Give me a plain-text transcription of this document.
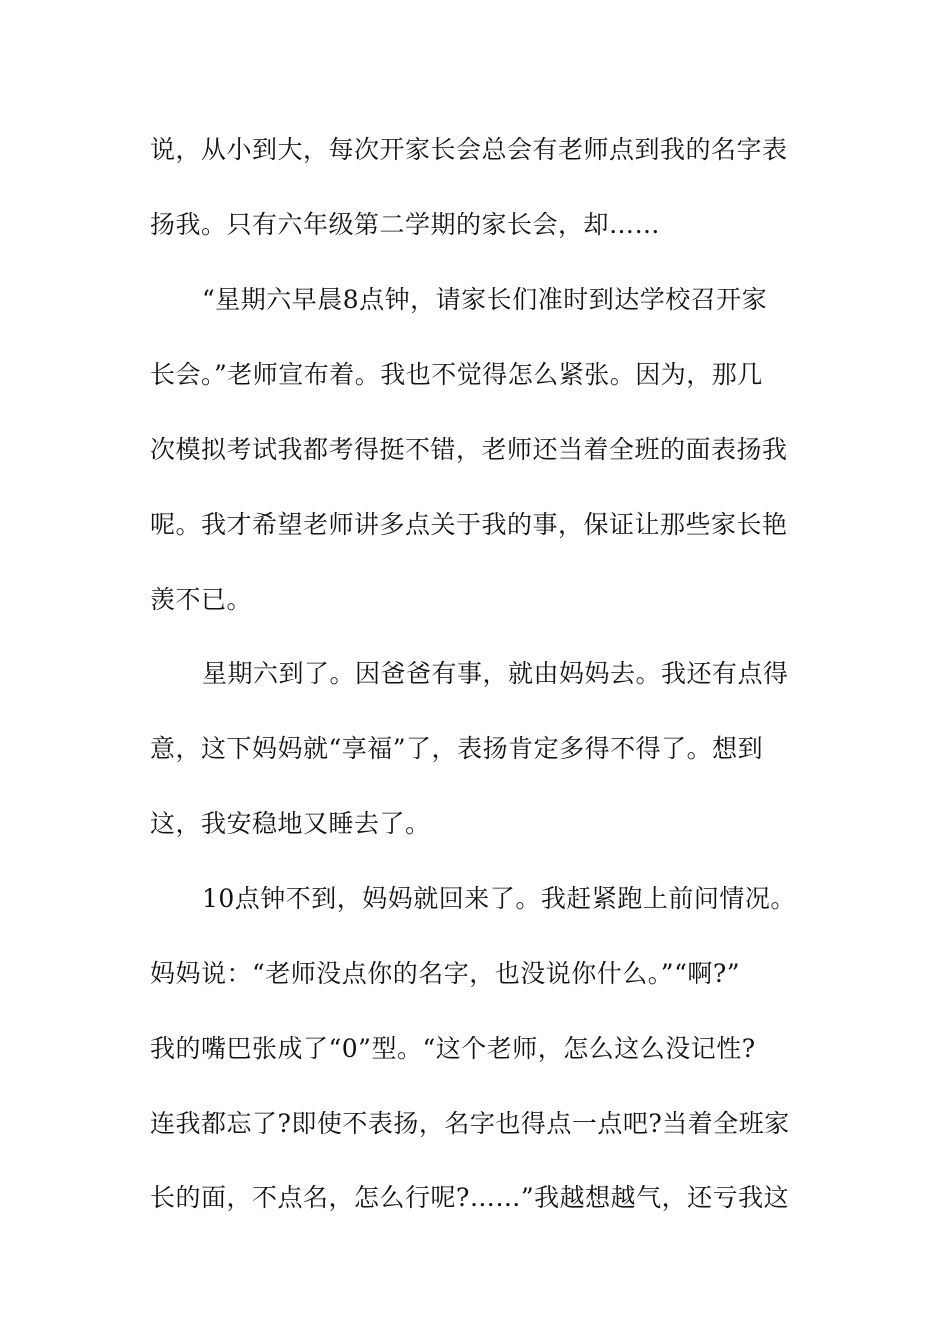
说，从小到大，每次开家长会总会有老师点到我的名字表
扬我。只有六年级第二学期的家长会，却……
“星期六早晨8点钟，请家长们准时到达学校召开家
长会。”老师宣布着。我也不觉得怎么紧张。因为，那几
次模拟考试我都考得挺不错，老师还当着全班的面表扬我
呢。我才希望老师讲多点关于我的事，保证让那些家长艳
羡不已。
星期六到了。因爸爸有事，就由妈妈去。我还有点得
意，这下妈妈就“享福”了，表扬肯定多得不得了。想到
这，我安稳地又睡去了。
10点钟不到，妈妈就回来了。我赶紧跑上前问情况。
妈妈说：“老师没点你的名字，也没说你什么。”“啊?”
我的嘴巴张成了“0”型。“这个老师，怎么这么没记性?
连我都忘了?即使不表扬，名字也得点一点吧?当着全班家
长的面，不点名，怎么行呢?……”我越想越气，还亏我这
